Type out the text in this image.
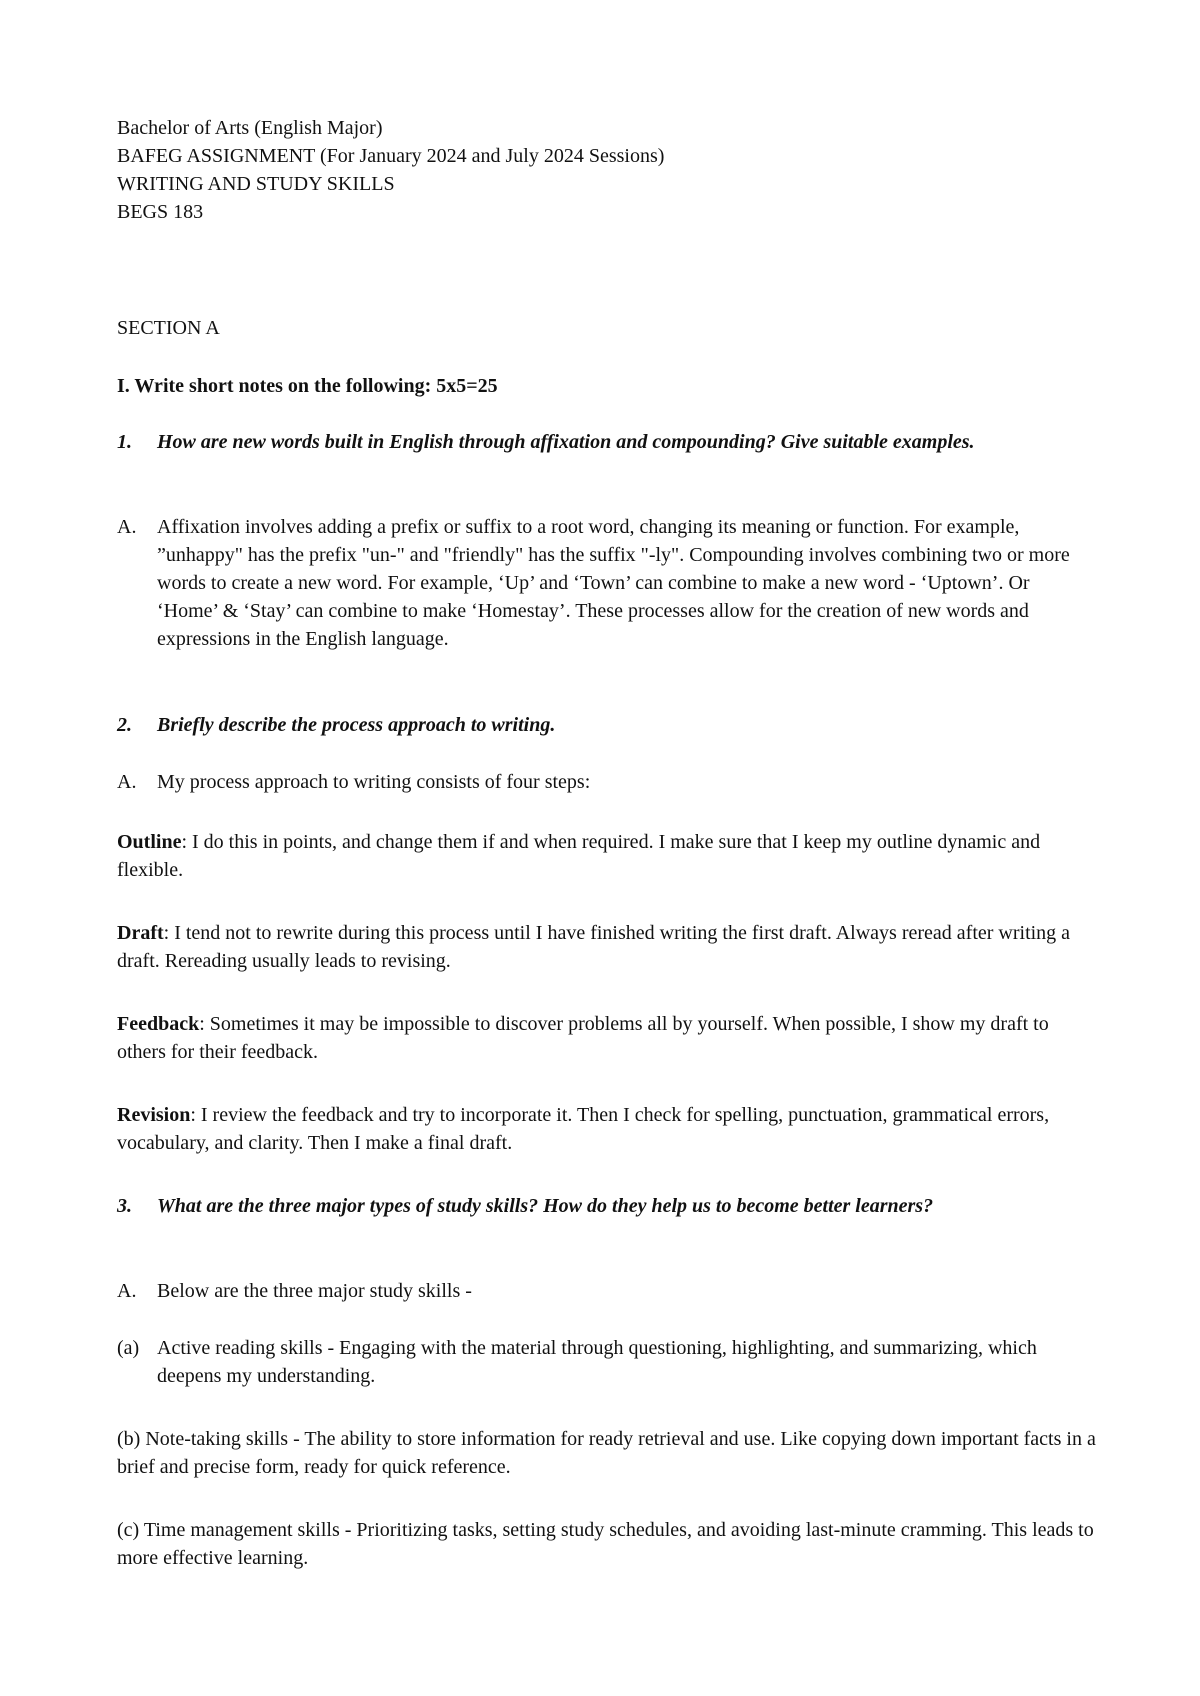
Bachelor of Arts (English Major)
BAFEG ASSIGNMENT (For January 2024 and July 2024 Sessions)
WRITING AND STUDY SKILLS
BEGS 183
SECTION A
I. Write short notes on the following: 5x5=25
1.	How are new words built in English through affixation and compounding? Give suitable examples.
A.	Affixation involves adding a prefix or suffix to a root word, changing its meaning or function. For example, ”unhappy" has the prefix "un-" and "friendly" has the suffix "-ly". Compounding involves combining two or more words to create a new word. For example, ‘Up’ and ‘Town’ can combine to make a new word - ‘Uptown’. Or ‘Home’ & ‘Stay’ can combine to make ‘Homestay’. These processes allow for the creation of new words and expressions in the English language.
2.	Briefly describe the process approach to writing.
A.	My process approach to writing consists of four steps:
Outline: I do this in points, and change them if and when required. I make sure that I keep my outline dynamic and flexible.
Draft: I tend not to rewrite during this process until I have finished writing the first draft. Always reread after writing a draft. Rereading usually leads to revising.
Feedback: Sometimes it may be impossible to discover problems all by yourself. When possible, I show my draft to others for their feedback.
Revision: I review the feedback and try to incorporate it. Then I check for spelling, punctuation, grammatical errors, vocabulary, and clarity. Then I make a final draft.
3.	What are the three major types of study skills? How do they help us to become better learners?
A.	Below are the three major study skills -
(a) Active reading skills - Engaging with the material through questioning, highlighting, and summarizing, which deepens my understanding.
(b) Note-taking skills - The ability to store information for ready retrieval and use. Like copying down important facts in a brief and precise form, ready for quick reference.
(c) Time management skills - Prioritizing tasks, setting study schedules, and avoiding last-minute cramming. This leads to more effective learning.
